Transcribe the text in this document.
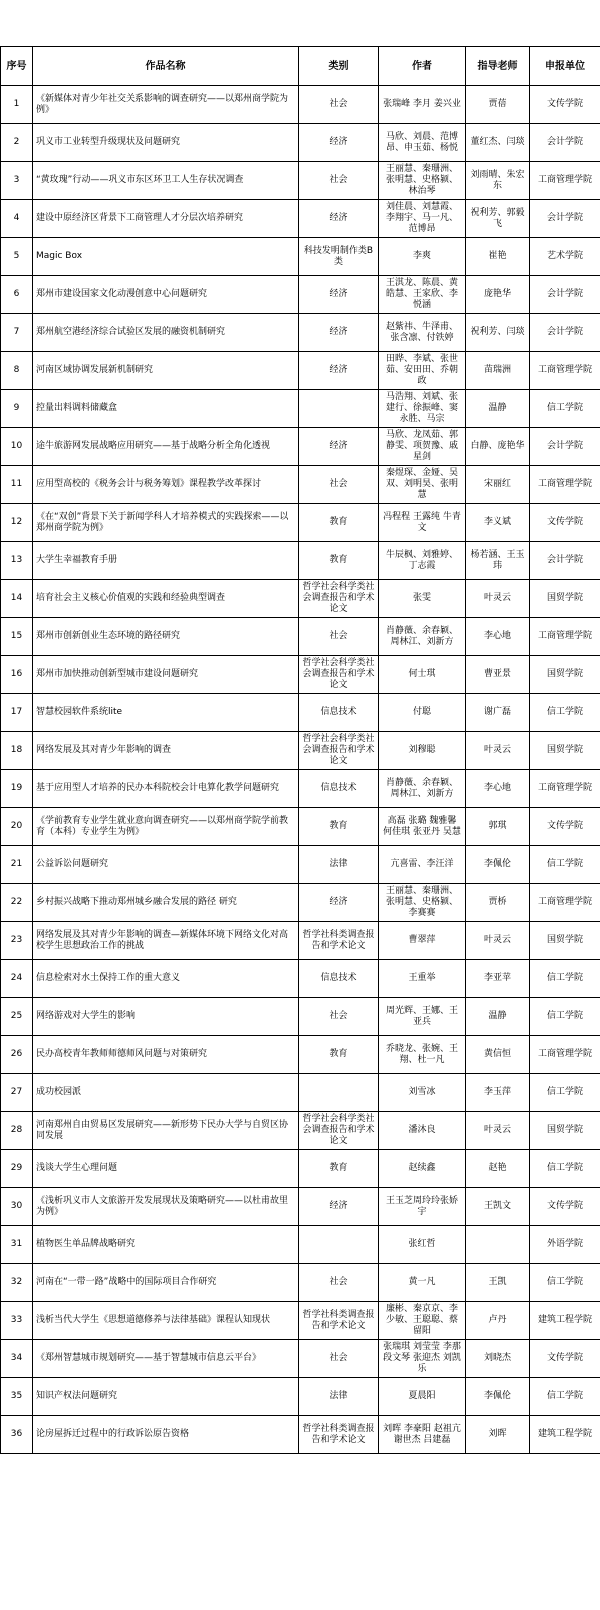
序号	作品名称	类别	作者	指导老师	申报单位
1	《新媒体对青少年社交关系影响的调查研究——以郑州商学院为例》	社会	张瑞峰 李月 姜兴业	贾蓓	文传学院
2	巩义市工业转型升级现状及问题研究	经济	马欣、刘晨、范博昂、申玉茹、杨悦	董红杰、闫琰	会计学院
3	“黄玫瑰”行动——巩义市东区环卫工人生存状况调查	社会	王丽慧、秦珊洲、张明慧、史格颍、林治琴	刘雨晴、朱宏东	工商管理学院
4	建设中原经济区背景下工商管理人才分层次培养研究	经济	刘佳晨、刘慧霞、李翔宇、马一凡、范博昂	祝利芳、郭毅飞	会计学院
5	Magic Box	科技发明制作类B类	李爽	崔艳	艺术学院
6	郑州市建设国家文化动漫创意中心问题研究	经济	王淇龙、陈晨、黄皓慧、王家欣、李悦涵	庞艳华	会计学院
7	郑州航空港经济综合试验区发展的融资机制研究	经济	赵紫祎、牛泽甫、张含凛、付铁婷	祝利芳、闫琰	会计学院
8	河南区域协调发展新机制研究	经济	田晔、李斌、张世茹、安田田、乔朝政	苗瑞洲	工商管理学院
9	控量出料调料储藏盒		马浩翔、刘斌、张建行、徐振峰、窦永胜、马宗	温静	信工学院
10	途牛旅游网发展战略应用研究——基于战略分析全角化透视	经济	马欣、龙凤茹、郭静雯、项贺豫、戚星剑	白静、庞艳华	会计学院
11	应用型高校的《税务会计与税务筹划》课程教学改革探讨	社会	秦煜琛、金娅、吴双、刘明昊、张明慧	宋丽红	工商管理学院
12	《在“双创”背景下关于新闻学科人才培养模式的实践探索——以郑州商学院为例》	教育	冯程程 王露纯 牛青文	李义斌	文传学院
13	大学生幸福教育手册	教育	牛辰枫、刘雅婷、丁志霞	杨若涵、王玉玮	会计学院
14	培育社会主义核心价值观的实践和经验典型调查	哲学社会科学类社会调查报告和学术论文	张雯	叶灵云	国贸学院
15	郑州市创新创业生态环境的路径研究	社会	肖静薇、余春颖、周林江、刘新方	李心地	工商管理学院
16	郑州市加快推动创新型城市建设问题研究	哲学社会科学类社会调查报告和学术论文	何士琪	曹亚景	国贸学院
17	智慧校园软件系统lite	信息技术	付聪	谢广磊	信工学院
18	网络发展及其对青少年影响的调查	哲学社会科学类社会调查报告和学术论文	刘穆聪	叶灵云	国贸学院
19	基于应用型人才培养的民办本科院校会计电算化教学问题研究	信息技术	肖静薇、余春颖、周林江、刘新方	李心地	工商管理学院
20	《学前教育专业学生就业意向调查研究——以郑州商学院学前教育（本科）专业学生为例》	教育	高磊 张璐 魏雅馨 何佳琪 张亚丹 吴慧	郭琪	文传学院
21	公益诉讼问题研究	法律	亢喜雷、李汪洋	李佩伦	信工学院
22	乡村振兴战略下推动郑州城乡融合发展的路径 研究	经济	王丽慧、秦珊洲、张明慧、史格颍、李赛赛	贾桥	工商管理学院
23	网络发展及其对青少年影响的调查—新媒体环境下网络文化对高校学生思想政治工作的挑战	哲学社科类调查报告和学术论文	曹翠萍	叶灵云	国贸学院
24	信息检索对水土保持工作的重大意义	信息技术	王重举	李亚苹	信工学院
25	网络游戏对大学生的影响	社会	周光辉、王娜、王亚兵	温静	信工学院
26	民办高校青年教师师德师风问题与对策研究	教育	乔晓龙、张婉、王翔、杜一凡	黄信恒	工商管理学院
27	成功校园派		刘雪冰	李玉萍	信工学院
28	河南郑州自由贸易区发展研究——新形势下民办大学与自贸区协同发展	哲学社会科学类社会调查报告和学术论文	潘沐良	叶灵云	国贸学院
29	浅谈大学生心理问题	教育	赵续鑫	赵艳	信工学院
30	《浅析巩义市人文旅游开发发展现状及策略研究——以杜甫故里为例》	经济	王玉芝周玲玲张娇宇	王凯文	文传学院
31	植物医生单品牌战略研究		张红哲		外语学院
32	河南在“一带一路”战略中的国际项目合作研究	社会	黄一凡	王凯	信工学院
33	浅析当代大学生《思想道德修养与法律基础》课程认知现状	哲学社科类调查报告和学术论文	廉彬、秦京京、李少敏、王聪聪、蔡留阳	卢丹	建筑工程学院
34	《郑州智慧城市规划研究——基于智慧城市信息云平台》	社会	张瑞琪 刘莹莹 李那 段文琴 张迎杰 刘凯乐	刘晓杰	文传学院
35	知识产权法问题研究	法律	夏晨阳	李佩伦	信工学院
36	论房屋拆迁过程中的行政诉讼原告资格	哲学社科类调查报告和学术论文	刘晖 李豪阳 赵祖亢 谢世杰 吕建磊	刘晖	建筑工程学院
